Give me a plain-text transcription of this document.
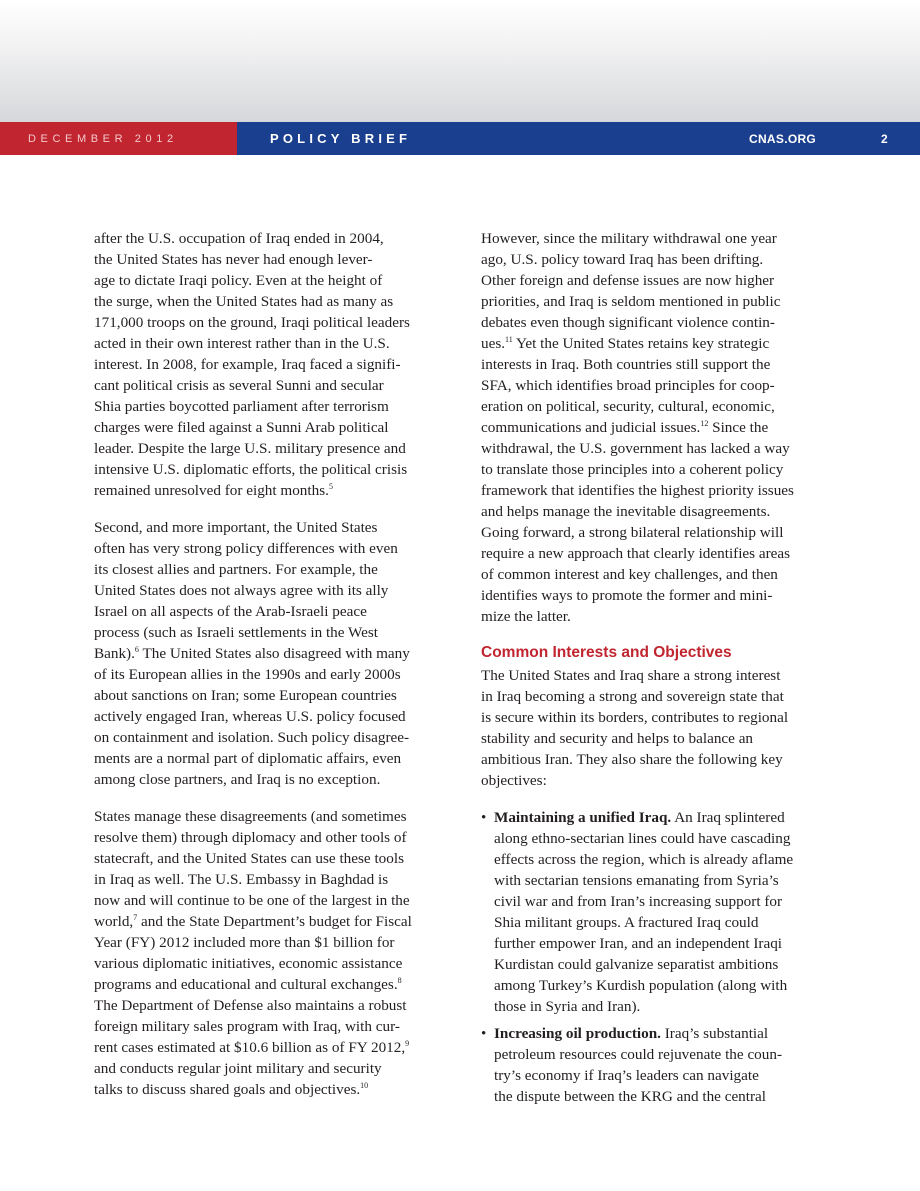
DECEMBER 2012	POLICY BRIEF	CNAS.ORG	2

after the U.S. occupation of Iraq ended in 2004,
the United States has never had enough lever-
age to dictate Iraqi policy. Even at the height of
the surge, when the United States had as many as
171,000 troops on the ground, Iraqi political leaders
acted in their own interest rather than in the U.S.
interest. In 2008, for example, Iraq faced a signifi-
cant political crisis as several Sunni and secular
Shia parties boycotted parliament after terrorism
charges were filed against a Sunni Arab political
leader. Despite the large U.S. military presence and
intensive U.S. diplomatic efforts, the political crisis
remained unresolved for eight months.$^5$

Second, and more important, the United States
often has very strong policy differences with even
its closest allies and partners. For example, the
United States does not always agree with its ally
Israel on all aspects of the Arab-Israeli peace
process (such as Israeli settlements in the West
Bank).$^6$ The United States also disagreed with many
of its European allies in the 1990s and early 2000s
about sanctions on Iran; some European countries
actively engaged Iran, whereas U.S. policy focused
on containment and isolation. Such policy disagree-
ments are a normal part of diplomatic affairs, even
among close partners, and Iraq is no exception.

States manage these disagreements (and sometimes
resolve them) through diplomacy and other tools of
statecraft, and the United States can use these tools
in Iraq as well. The U.S. Embassy in Baghdad is
now and will continue to be one of the largest in the
world,$^7$ and the State Department’s budget for Fiscal
Year (FY) 2012 included more than $1 billion for
various diplomatic initiatives, economic assistance
programs and educational and cultural exchanges.$^8$
The Department of Defense also maintains a robust
foreign military sales program with Iraq, with cur-
rent cases estimated at $10.6 billion as of FY 2012,$^9$
and conducts regular joint military and security
talks to discuss shared goals and objectives.$^{10}$

However, since the military withdrawal one year
ago, U.S. policy toward Iraq has been drifting.
Other foreign and defense issues are now higher
priorities, and Iraq is seldom mentioned in public
debates even though significant violence contin-
ues.$^{11}$ Yet the United States retains key strategic
interests in Iraq. Both countries still support the
SFA, which identifies broad principles for coop-
eration on political, security, cultural, economic,
communications and judicial issues.$^{12}$ Since the
withdrawal, the U.S. government has lacked a way
to translate those principles into a coherent policy
framework that identifies the highest priority issues
and helps manage the inevitable disagreements.
Going forward, a strong bilateral relationship will
require a new approach that clearly identifies areas
of common interest and key challenges, and then
identifies ways to promote the former and mini-
mize the latter.

Common Interests and Objectives

The United States and Iraq share a strong interest
in Iraq becoming a strong and sovereign state that
is secure within its borders, contributes to regional
stability and security and helps to balance an
ambitious Iran. They also share the following key
objectives:

• Maintaining a unified Iraq. An Iraq splintered
along ethno-sectarian lines could have cascading
effects across the region, which is already aflame
with sectarian tensions emanating from Syria’s
civil war and from Iran’s increasing support for
Shia militant groups. A fractured Iraq could
further empower Iran, and an independent Iraqi
Kurdistan could galvanize separatist ambitions
among Turkey’s Kurdish population (along with
those in Syria and Iran).
• Increasing oil production. Iraq’s substantial
petroleum resources could rejuvenate the coun-
try’s economy if Iraq’s leaders can navigate
the dispute between the KRG and the central
